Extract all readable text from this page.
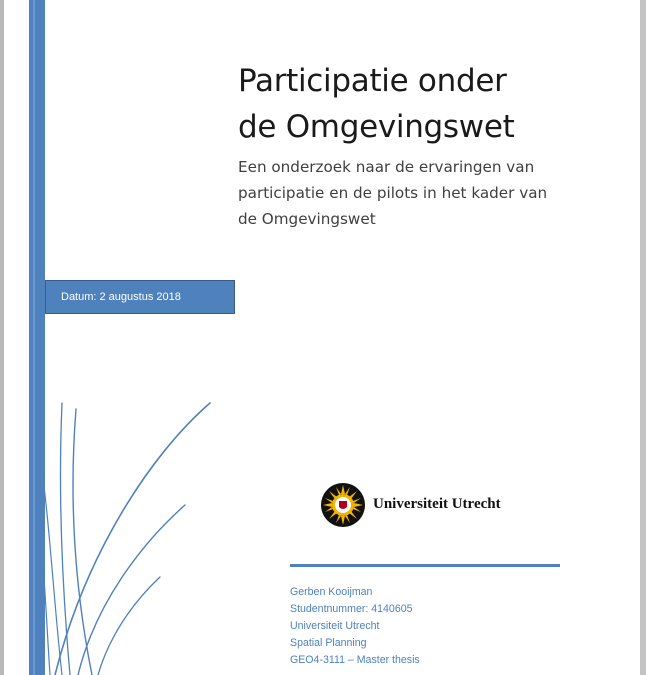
Participatie onder
de Omgevingswet
Een onderzoek naar de ervaringen van
participatie en de pilots in het kader van
de Omgevingswet
Datum: 2 augustus 2018
Universiteit Utrecht
Gerben Kooijman
Studentnummer: 4140605
Universiteit Utrecht
Spatial Planning
GEO4-3111 – Master thesis
